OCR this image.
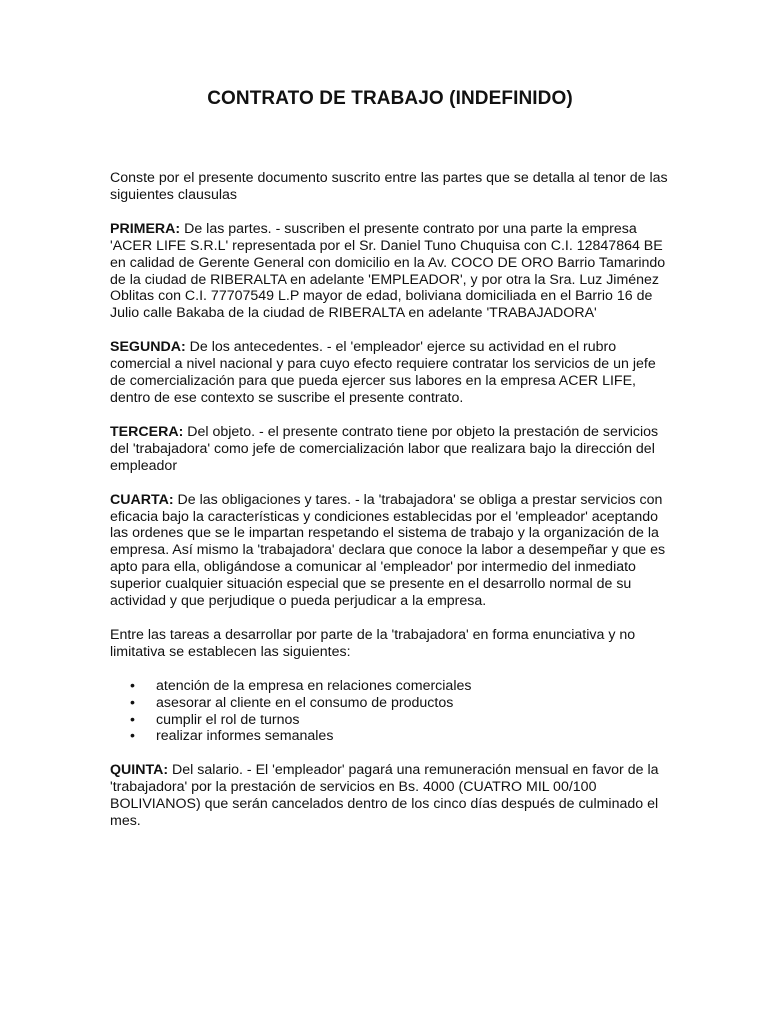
CONTRATO DE TRABAJO (INDEFINIDO)

Conste por el presente documento suscrito entre las partes que se detalla al tenor de las siguientes clausulas

PRIMERA: De las partes. - suscriben el presente contrato por una parte la empresa 'ACER LIFE S.R.L' representada por el Sr. Daniel Tuno Chuquisa con C.I. 12847864 BE en calidad de Gerente General con domicilio en la Av. COCO DE ORO Barrio Tamarindo de la ciudad de RIBERALTA en adelante 'EMPLEADOR', y por otra la Sra. Luz Jiménez Oblitas con C.I. 77707549 L.P mayor de edad, boliviana domiciliada en el Barrio 16 de Julio calle Bakaba de la ciudad de RIBERALTA en adelante 'TRABAJADORA'

SEGUNDA: De los antecedentes. - el 'empleador' ejerce su actividad en el rubro comercial a nivel nacional y para cuyo efecto requiere contratar los servicios de un jefe de comercialización para que pueda ejercer sus labores en la empresa ACER LIFE, dentro de ese contexto se suscribe el presente contrato.

TERCERA: Del objeto. - el presente contrato tiene por objeto la prestación de servicios del 'trabajadora' como jefe de comercialización labor que realizara bajo la dirección del empleador

CUARTA: De las obligaciones y tares. - la 'trabajadora' se obliga a prestar servicios con eficacia bajo la características y condiciones establecidas por el 'empleador' aceptando las ordenes que se le impartan respetando el sistema de trabajo y la organización de la empresa. Así mismo la 'trabajadora' declara que conoce la labor a desempeñar y que es apto para ella, obligándose a comunicar al 'empleador' por intermedio del inmediato superior cualquier situación especial que se presente en el desarrollo normal de su actividad y que perjudique o pueda perjudicar a la empresa.

Entre las tareas a desarrollar por parte de la 'trabajadora' en forma enunciativa y no limitativa se establecen las siguientes:

• atención de la empresa en relaciones comerciales
• asesorar al cliente en el consumo de productos
• cumplir el rol de turnos
• realizar informes semanales

QUINTA: Del salario. - El 'empleador' pagará una remuneración mensual en favor de la 'trabajadora' por la prestación de servicios en Bs. 4000 (CUATRO MIL 00/100 BOLIVIANOS) que serán cancelados dentro de los cinco días después de culminado el mes.
